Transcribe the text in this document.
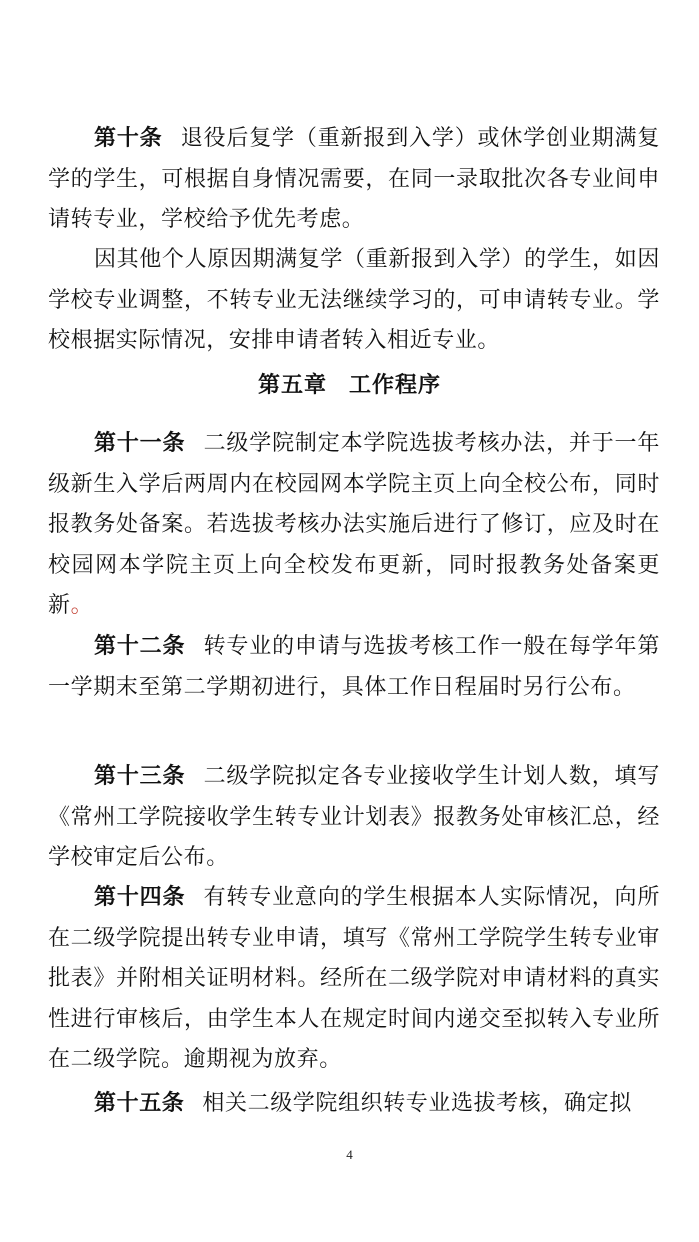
第十条 退役后复学（重新报到入学）或休学创业期满复学的学生，可根据自身情况需要，在同一录取批次各专业间申请转专业，学校给予优先考虑。

因其他个人原因期满复学（重新报到入学）的学生，如因学校专业调整，不转专业无法继续学习的，可申请转专业。学校根据实际情况，安排申请者转入相近专业。

第五章 工作程序

第十一条 二级学院制定本学院选拔考核办法，并于一年级新生入学后两周内在校园网本学院主页上向全校公布，同时报教务处备案。若选拔考核办法实施后进行了修订，应及时在校园网本学院主页上向全校发布更新，同时报教务处备案更新。

第十二条 转专业的申请与选拔考核工作一般在每学年第一学期末至第二学期初进行，具体工作日程届时另行公布。

第十三条 二级学院拟定各专业接收学生计划人数，填写《常州工学院接收学生转专业计划表》报教务处审核汇总，经学校审定后公布。

第十四条 有转专业意向的学生根据本人实际情况，向所在二级学院提出转专业申请，填写《常州工学院学生转专业审批表》并附相关证明材料。经所在二级学院对申请材料的真实性进行审核后，由学生本人在规定时间内递交至拟转入专业所在二级学院。逾期视为放弃。

第十五条 相关二级学院组织转专业选拔考核，确定拟

4
